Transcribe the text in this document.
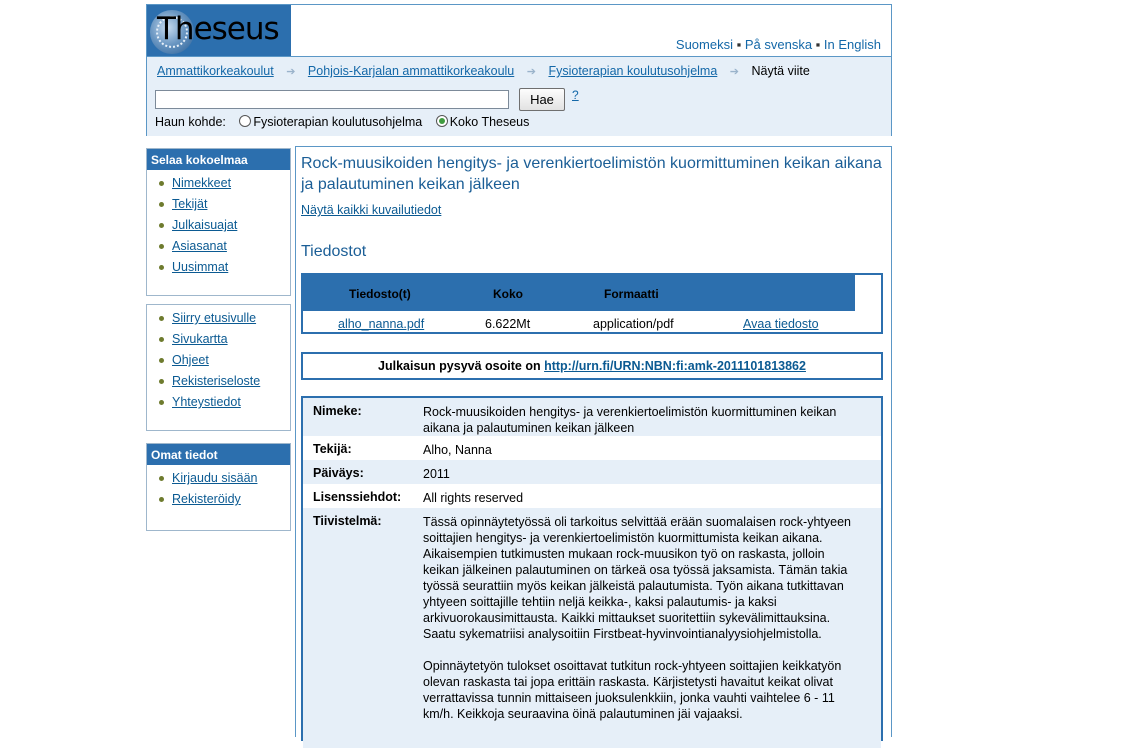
Theseus	Suomeksi ▪ På svenska ▪ In English
Ammattikorkeakoulut ➔ Pohjois-Karjalan ammattikorkeakoulu ➔ Fysioterapian koulutusohjelma ➔ Näytä viite
Hae	?
Haun kohde: Fysioterapian koulutusohjelma Koko Theseus
Selaa kokoelmaa
Nimekkeet
Tekijät
Julkaisuajat
Asiasanat
Uusimmat
Siirry etusivulle
Sivukartta
Ohjeet
Rekisteriseloste
Yhteystiedot
Omat tiedot
Kirjaudu sisään
Rekisteröidy
Rock-muusikoiden hengitys- ja verenkiertoelimistön kuormittuminen keikan aikana ja palautuminen keikan jälkeen
Näytä kaikki kuvailutiedot
Tiedostot
Tiedosto(t)	Koko	Formaatti
alho_nanna.pdf	6.622Mt	application/pdf	Avaa tiedosto
Julkaisun pysyvä osoite on http://urn.fi/URN:NBN:fi:amk-2011101813862
Nimeke:	Rock-muusikoiden hengitys- ja verenkiertoelimistön kuormittuminen keikan aikana ja palautuminen keikan jälkeen
Tekijä:	Alho, Nanna
Päiväys:	2011
Lisenssiehdot: All rights reserved
Tiivistelmä:	Tässä opinnäytetyössä oli tarkoitus selvittää erään suomalaisen rock-yhtyeen soittajien hengitys- ja verenkiertoelimistön kuormittumista keikan aikana. Aikaisempien tutkimusten mukaan rock-muusikon työ on raskasta, jolloin keikan jälkeinen palautuminen on tärkeä osa työssä jaksamista. Tämän takia työssä seurattiin myös keikan jälkeistä palautumista. Työn aikana tutkittavan yhtyeen soittajille tehtiin neljä keikka-, kaksi palautumis- ja kaksi arkivuorokausimittausta. Kaikki mittaukset suoritettiin sykevälimittauksina. Saatu sykematriisi analysoitiin Firstbeat-hyvinvointianalyysiohjelmistolla.

Opinnäytetyön tulokset osoittavat tutkitun rock-yhtyeen soittajien keikkatyön olevan raskasta tai jopa erittäin raskasta. Kärjistetysti havaitut keikat olivat verrattavissa tunnin mittaiseen juoksulenkkiin, jonka vauhti vaihtelee 6 - 11 km/h. Keikkoja seuraavina öinä palautuminen jäi vajaaksi.
